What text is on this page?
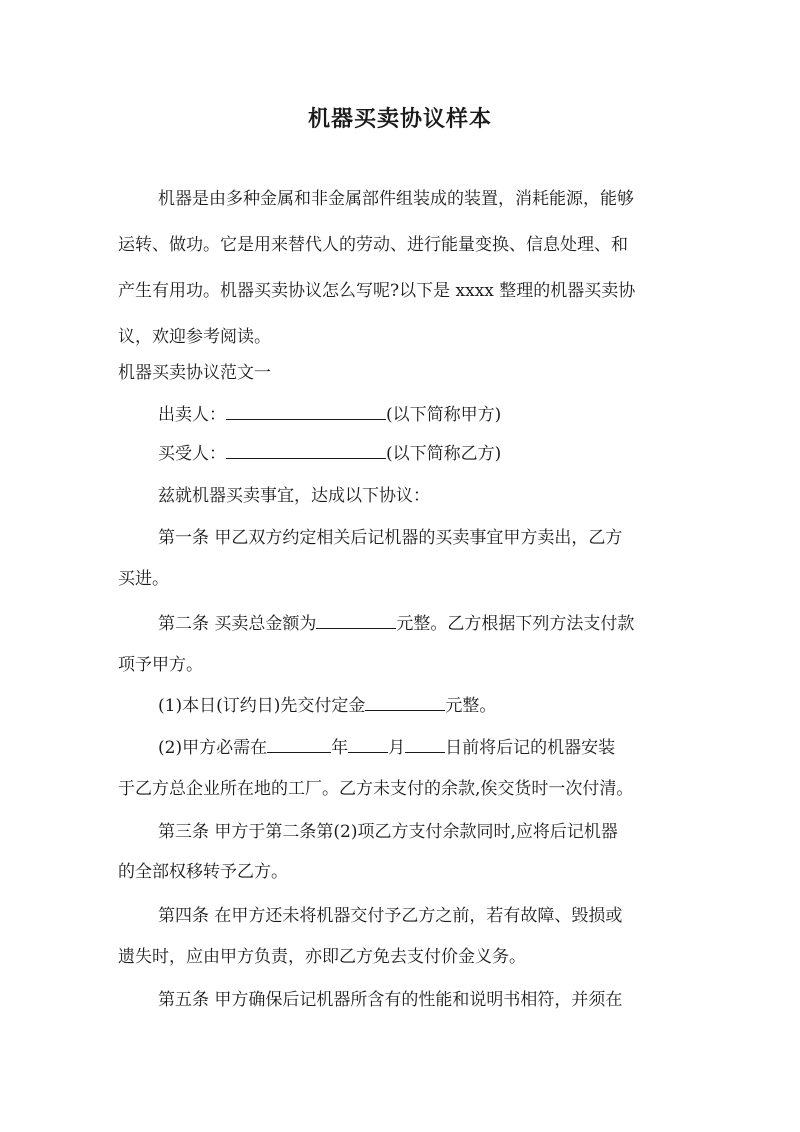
机器买卖协议样本
机器是由多种金属和非金属部件组装成的装置，消耗能源，能够
运转、做功。它是用来替代人的劳动、进行能量变换、信息处理、和
产生有用功。机器买卖协议怎么写呢?以下是 xxxx 整理的机器买卖协
议，欢迎参考阅读。
机器买卖协议范文一
出卖人：	(以下简称甲方)
买受人：	(以下简称乙方)
兹就机器买卖事宜，达成以下协议：
第一条 甲乙双方约定相关后记机器的买卖事宜甲方卖出，乙方
买进。
第二条 买卖总金额为	元整。乙方根据下列方法支付款
项予甲方。
(1)本日(订约日)先交付定金	元整。
(2)甲方必需在	年 月 日前将后记的机器安装
于乙方总企业所在地的工厂。乙方未支付的余款,俟交货时一次付清。
第三条 甲方于第二条第(2)项乙方支付余款同时,应将后记机器
的全部权移转予乙方。
第四条 在甲方还未将机器交付予乙方之前，若有故障、毁损或
遗失时，应由甲方负责，亦即乙方免去支付价金义务。
第五条 甲方确保后记机器所含有的性能和说明书相符，并须在
